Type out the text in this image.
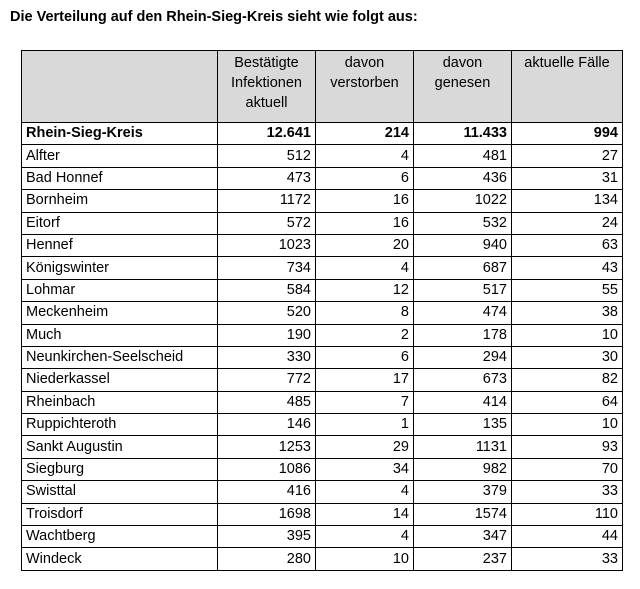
Die Verteilung auf den Rhein-Sieg-Kreis sieht wie folgt aus:
	Bestätigte Infektionen aktuell	davon verstorben	davon genesen	aktuelle Fälle
Rhein-Sieg-Kreis	12.641	214	11.433	994
Alfter	512	4	481	27
Bad Honnef	473	6	436	31
Bornheim	1172	16	1022	134
Eitorf	572	16	532	24
Hennef	1023	20	940	63
Königswinter	734	4	687	43
Lohmar	584	12	517	55
Meckenheim	520	8	474	38
Much	190	2	178	10
Neunkirchen-Seelscheid	330	6	294	30
Niederkassel	772	17	673	82
Rheinbach	485	7	414	64
Ruppichteroth	146	1	135	10
Sankt Augustin	1253	29	1131	93
Siegburg	1086	34	982	70
Swisttal	416	4	379	33
Troisdorf	1698	14	1574	110
Wachtberg	395	4	347	44
Windeck	280	10	237	33
